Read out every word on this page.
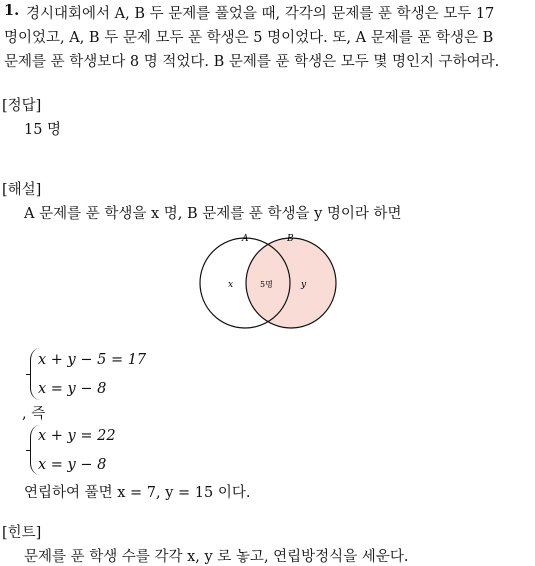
1. 경시대회에서 A, B 두 문제를 풀었을 때, 각각의 문제를 푼 학생은 모두 17
명이었고, A, B 두 문제 모두 푼 학생은 5 명이었다. 또, A 문제를 푼 학생은 B
문제를 푼 학생보다 8 명 적었다. B 문제를 푼 학생은 모두 몇 명인지 구하여라.
[정답]
15 명
[해설]
A 문제를 푼 학생을 x 명, B 문제를 푼 학생을 y 명이라 하면
A	B
x	5명	y
x + y − 5 = 17
x = y − 8
, 즉
x + y = 22
x = y − 8
연립하여 풀면 x = 7, y = 15 이다.
[힌트]
문제를 푼 학생 수를 각각 x, y 로 놓고, 연립방정식을 세운다.
